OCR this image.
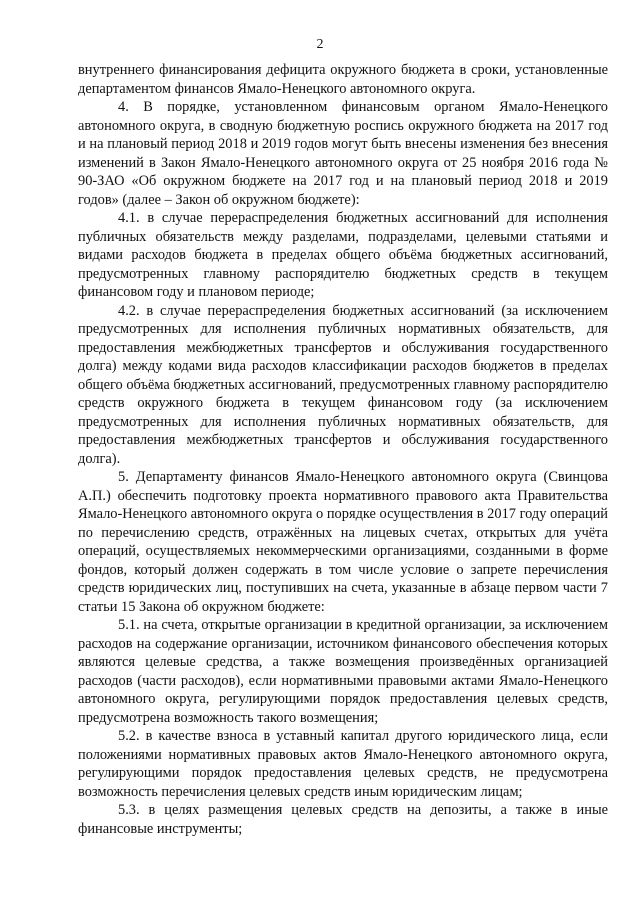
2

внутреннего финансирования дефицита окружного бюджета в сроки, установленные департаментом финансов Ямало-Ненецкого автономного округа.

4. В порядке, установленном финансовым органом Ямало-Ненецкого автономного округа, в сводную бюджетную роспись окружного бюджета на 2017 год и на плановый период 2018 и 2019 годов могут быть внесены изменения без внесения изменений в Закон Ямало-Ненецкого автономного округа от 25 ноября 2016 года № 90-ЗАО «Об окружном бюджете на 2017 год и на плановый период 2018 и 2019 годов» (далее – Закон об окружном бюджете):

4.1. в случае перераспределения бюджетных ассигнований для исполнения публичных обязательств между разделами, подразделами, целевыми статьями и видами расходов бюджета в пределах общего объёма бюджетных ассигнований, предусмотренных главному распорядителю бюджетных средств в текущем финансовом году и плановом периоде;

4.2. в случае перераспределения бюджетных ассигнований (за исключением предусмотренных для исполнения публичных нормативных обязательств, для предоставления межбюджетных трансфертов и обслуживания государственного долга) между кодами вида расходов классификации расходов бюджетов в пределах общего объёма бюджетных ассигнований, предусмотренных главному распорядителю средств окружного бюджета в текущем финансовом году (за исключением предусмотренных для исполнения публичных нормативных обязательств, для предоставления межбюджетных трансфертов и обслуживания государственного долга).

5. Департаменту финансов Ямало-Ненецкого автономного округа (Свинцова А.П.) обеспечить подготовку проекта нормативного правового акта Правительства Ямало-Ненецкого автономного округа о порядке осуществления в 2017 году операций по перечислению средств, отражённых на лицевых счетах, открытых для учёта операций, осуществляемых некоммерческими организациями, созданными в форме фондов, который должен содержать в том числе условие о запрете перечисления средств юридических лиц, поступивших на счета, указанные в абзаце первом части 7 статьи 15 Закона об окружном бюджете:

5.1. на счета, открытые организации в кредитной организации, за исключением расходов на содержание организации, источником финансового обеспечения которых являются целевые средства, а также возмещения произведённых организацией расходов (части расходов), если нормативными правовыми актами Ямало-Ненецкого автономного округа, регулирующими порядок предоставления целевых средств, предусмотрена возможность такого возмещения;

5.2. в качестве взноса в уставный капитал другого юридического лица, если положениями нормативных правовых актов Ямало-Ненецкого автономного округа, регулирующими порядок предоставления целевых средств, не предусмотрена возможность перечисления целевых средств иным юридическим лицам;

5.3. в целях размещения целевых средств на депозиты, а также в иные финансовые инструменты;
